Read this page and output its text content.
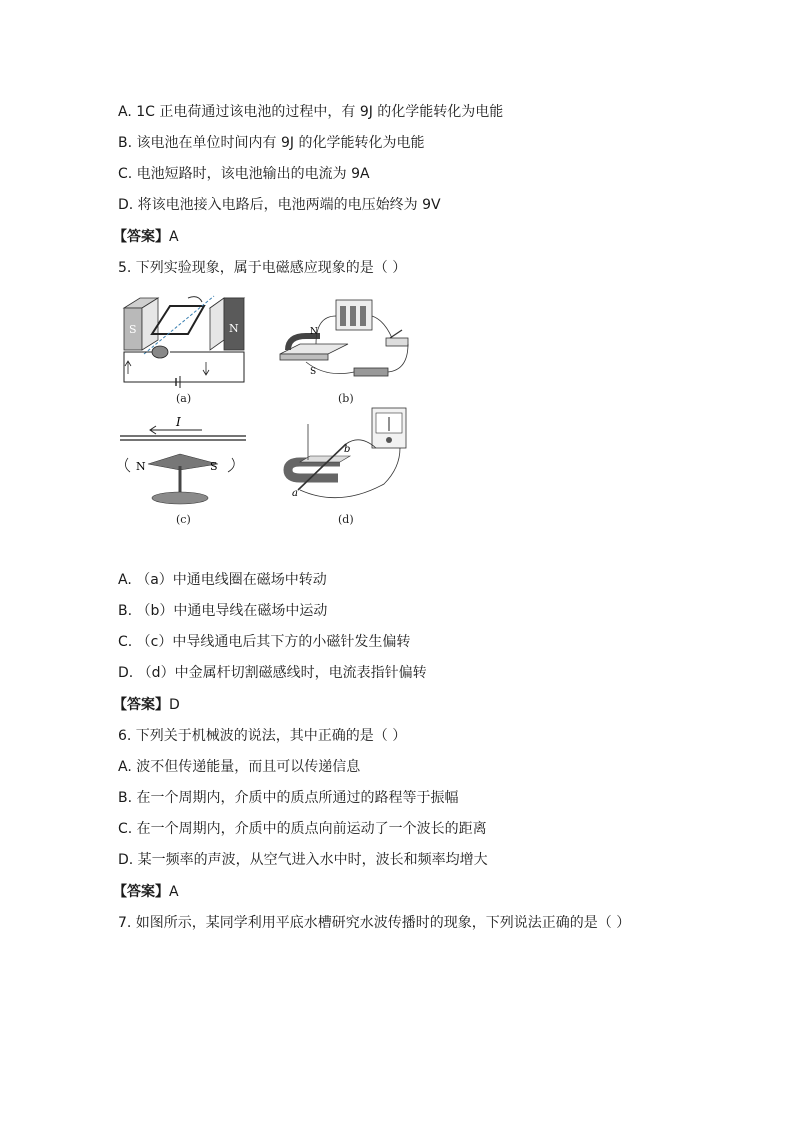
A. 1C 正电荷通过该电池的过程中，有 9J 的化学能转化为电能
B. 该电池在单位时间内有 9J 的化学能转化为电能
C. 电池短路时，该电池输出的电流为 9A
D. 将该电池接入电路后，电池两端的电压始终为 9V
【答案】A
5. 下列实验现象，属于电磁感应现象的是（ ）
S	N
(a)
N
S
(b)
I
N	S
(c)
a
b
(d)
A. （a）中通电线圈在磁场中转动
B. （b）中通电导线在磁场中运动
C. （c）中导线通电后其下方的小磁针发生偏转
D. （d）中金属杆切割磁感线时，电流表指针偏转
【答案】D
6. 下列关于机械波的说法，其中正确的是（ ）
A. 波不但传递能量，而且可以传递信息
B. 在一个周期内，介质中的质点所通过的路程等于振幅
C. 在一个周期内，介质中的质点向前运动了一个波长的距离
D. 某一频率的声波，从空气进入水中时，波长和频率均增大
【答案】A
7. 如图所示，某同学利用平底水槽研究水波传播时的现象，下列说法正确的是（ ）
